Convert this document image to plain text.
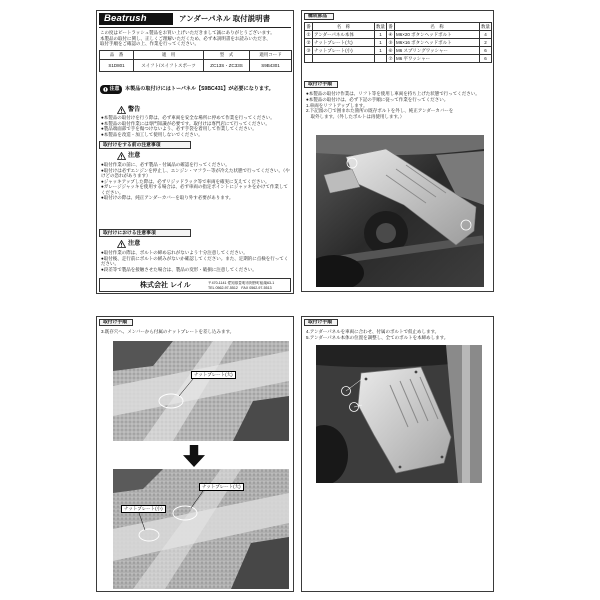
Beatrush	アンダーパネル 取付説明書
この度はビートラッシュ製品をお買い上げいただきまして誠にありがとうございます。
本製品の取付に関し、正しくご理解いただくため、必ず本説明書をお読みいただき、
取付手順をご確認の上、作業を行ってください。
品　番	適　用	型　式	適用コード
S1D801	スイフト/スイフトスポーツ	ZC13S・ZC33S	S9B4301
注意 本製品の取付けにはトーパネル【S9BC431】が必要になります。
警告
●本製品の取付けを行う際は、必ず車両を安全な場所に停めて作業を行ってください。
●本製品の取付作業には専門知識が必要です。取付けは専門店にて行ってください。
●製品端面部で手を傷つけないよう、必ず手袋を着用して作業してください。
●本製品を改造・加工して使用しないでください。
取付けをする前の注意事項
注意
●取付作業の前に、必ず製品・付属品の確認を行ってください。
●取付けは必ずエンジンを停止し、エンジン・マフラー等が冷えた状態で行ってください。（やけどの恐れがあります）
●ジャッキアップした際は、必ずリジッドラック等で車両を確実に支えてください。
●ガレージジャッキを使用する場合は、必ず車両の指定ポイントにジャッキをかけて作業してください。
●取付けの際は、純正アンダーカバーを取り外す必要があります。
取付けにおける注意事項
注意
●取付作業の際は、ボルトの締め忘れがないよう十分注意してください。
●取付後、走行前にボルトの緩みがないか確認してください。また、定期的に点検を行ってください。
●段差等で製品を接触させた場合は、製品の変形・破損に注意してください。
株式会社 レイル	〒470-1141 愛知県豊明市阿野町稲葉63-1
TEL 0562-97-5512　FAX 0562-97-5513
構成部品
番	名　称	数量	番	名　称	数量
①	アンダーパネル本体	1	④	M6×20 ボタンヘッドボルト	4
②	ナットプレート(大)	1	⑤	M6×16 ボタンヘッドボルト	2
③	ナットプレート(小)	1	⑥	M6 スプリングワッシャー	6
			⑦	M6 平ワッシャー	6
取付け手順
●本製品の取付け作業は、リフト等を使用し車両を持ち上げた状態で行ってください。
●本製品の取付けは、必ず下記の手順に従って作業を行ってください。
1.車両をリフトアップします。
2.下記図の〇で囲まれた箇所の既存ボルトを外し、純正アンダーカバーを
　取外します。（外したボルトは再使用します。）
取付け手順
3.既存穴へ、メンバーから付属のナットプレートを差し込みます。
ナットプレート(大)
ナットプレート(大)
ナットプレート(小)
取付け手順
4.アンダーパネルを車両に合わせ、付属のボルトで仮止めします。
5.アンダーパネル本体の位置を調整し、全てのボルトを本締めします。
